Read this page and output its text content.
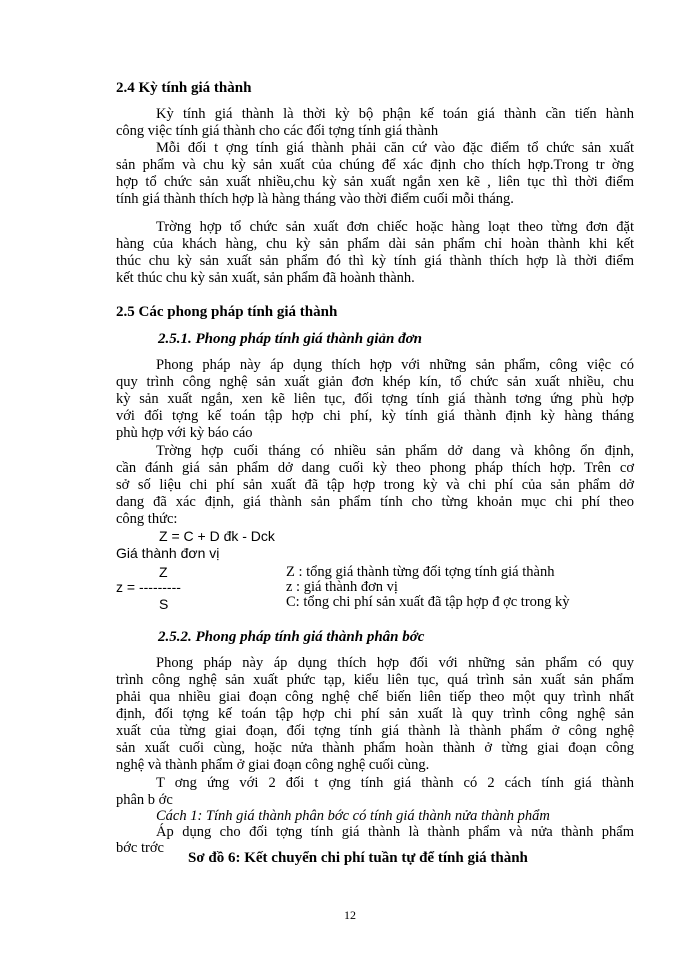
2.4 Kỳ tính giá thành
Kỳ tính giá thành là thời kỳ bộ phận kế toán giá thành cần tiến hành
công việc tính giá thành cho các đối tợng tính giá thành
Mỗi đối t ợng tính giá thành phải căn cứ vào đặc điểm tổ chức sản xuất
sản phẩm và chu kỳ sản xuất của chúng để xác định cho thích hợp.Trong tr ờng
hợp tổ chức sản xuất nhiều,chu kỳ sản xuất ngắn xen kẽ , liên tục thì thời điểm
tính giá thành thích hợp là hàng tháng vào thời điểm cuối mỗi tháng.
Trờng hợp tổ chức sản xuất đơn chiếc hoặc hàng loạt theo từng đơn đặt
hàng của khách hàng, chu kỳ sản phẩm dài sản phẩm chỉ hoàn thành khi kết
thúc chu kỳ sản xuất sản phẩm đó thì kỳ tính giá thành thích hợp là thời điểm
kết thúc chu kỳ sản xuất, sản phẩm đã hoành thành.
2.5 Các phong pháp tính giá thành
2.5.1. Phong pháp tính giá thành giản đơn
Phong pháp này áp dụng thích hợp với những sản phẩm, công việc có
quy trình công nghệ sản xuất giản đơn khép kín, tổ chức sản xuất nhiều, chu
kỳ sản xuất ngắn, xen kẽ liên tục, đối tợng tính giá thành tơng ứng phù hợp
với đối tợng kế toán tập hợp chi phí, kỳ tính giá thành định kỳ hàng tháng
phù hợp với kỳ báo cáo
Trờng hợp cuối tháng có nhiều sản phẩm dở dang và không ổn định,
cần đánh giá sản phẩm dở dang cuối kỳ theo phong pháp thích hợp. Trên cơ
sở số liệu chi phí sản xuất đã tập hợp trong kỳ và chi phí của sản phẩm dở
dang đã xác định, giá thành sản phẩm tính cho từng khoản mục chi phí theo
công thức:
Z = C + D đk - Dck
Giá thành đơn vị
Z
z = ---------
S
Z : tổng giá thành từng đối tợng tính giá thành
z : giá thành đơn vị
C: tổng chi phí sản xuất đã tập hợp đ ợc trong kỳ
2.5.2. Phong pháp tính giá thành phân bớc
Phong pháp này áp dụng thích hợp đối với những sản phẩm có quy
trình công nghệ sản xuất phức tạp, kiểu liên tục, quá trình sản xuất sản phẩm
phải qua nhiều giai đoạn công nghệ chế biến liên tiếp theo một quy trình nhất
định, đối tợng kế toán tập hợp chi phí sản xuất là quy trình công nghệ sản
xuất của từng giai đoạn, đối tợng tính giá thành là thành phẩm ở công nghệ
sản xuất cuối cùng, hoặc nửa thành phẩm hoàn thành ở từng giai đoạn công
nghệ và thành phẩm ở giai đoạn công nghệ cuối cùng.
T ơng ứng với 2 đối t ợng tính giá thành có 2 cách tính giá thành
phân b ớc
Cách 1: Tính giá thành phân bớc có tính giá thành nửa thành phẩm
Áp dụng cho đối tợng tính giá thành là thành phẩm và nửa thành phẩm
bớc trớc
Sơ đồ 6: Kết chuyển chi phí tuần tự để tính giá thành
12
